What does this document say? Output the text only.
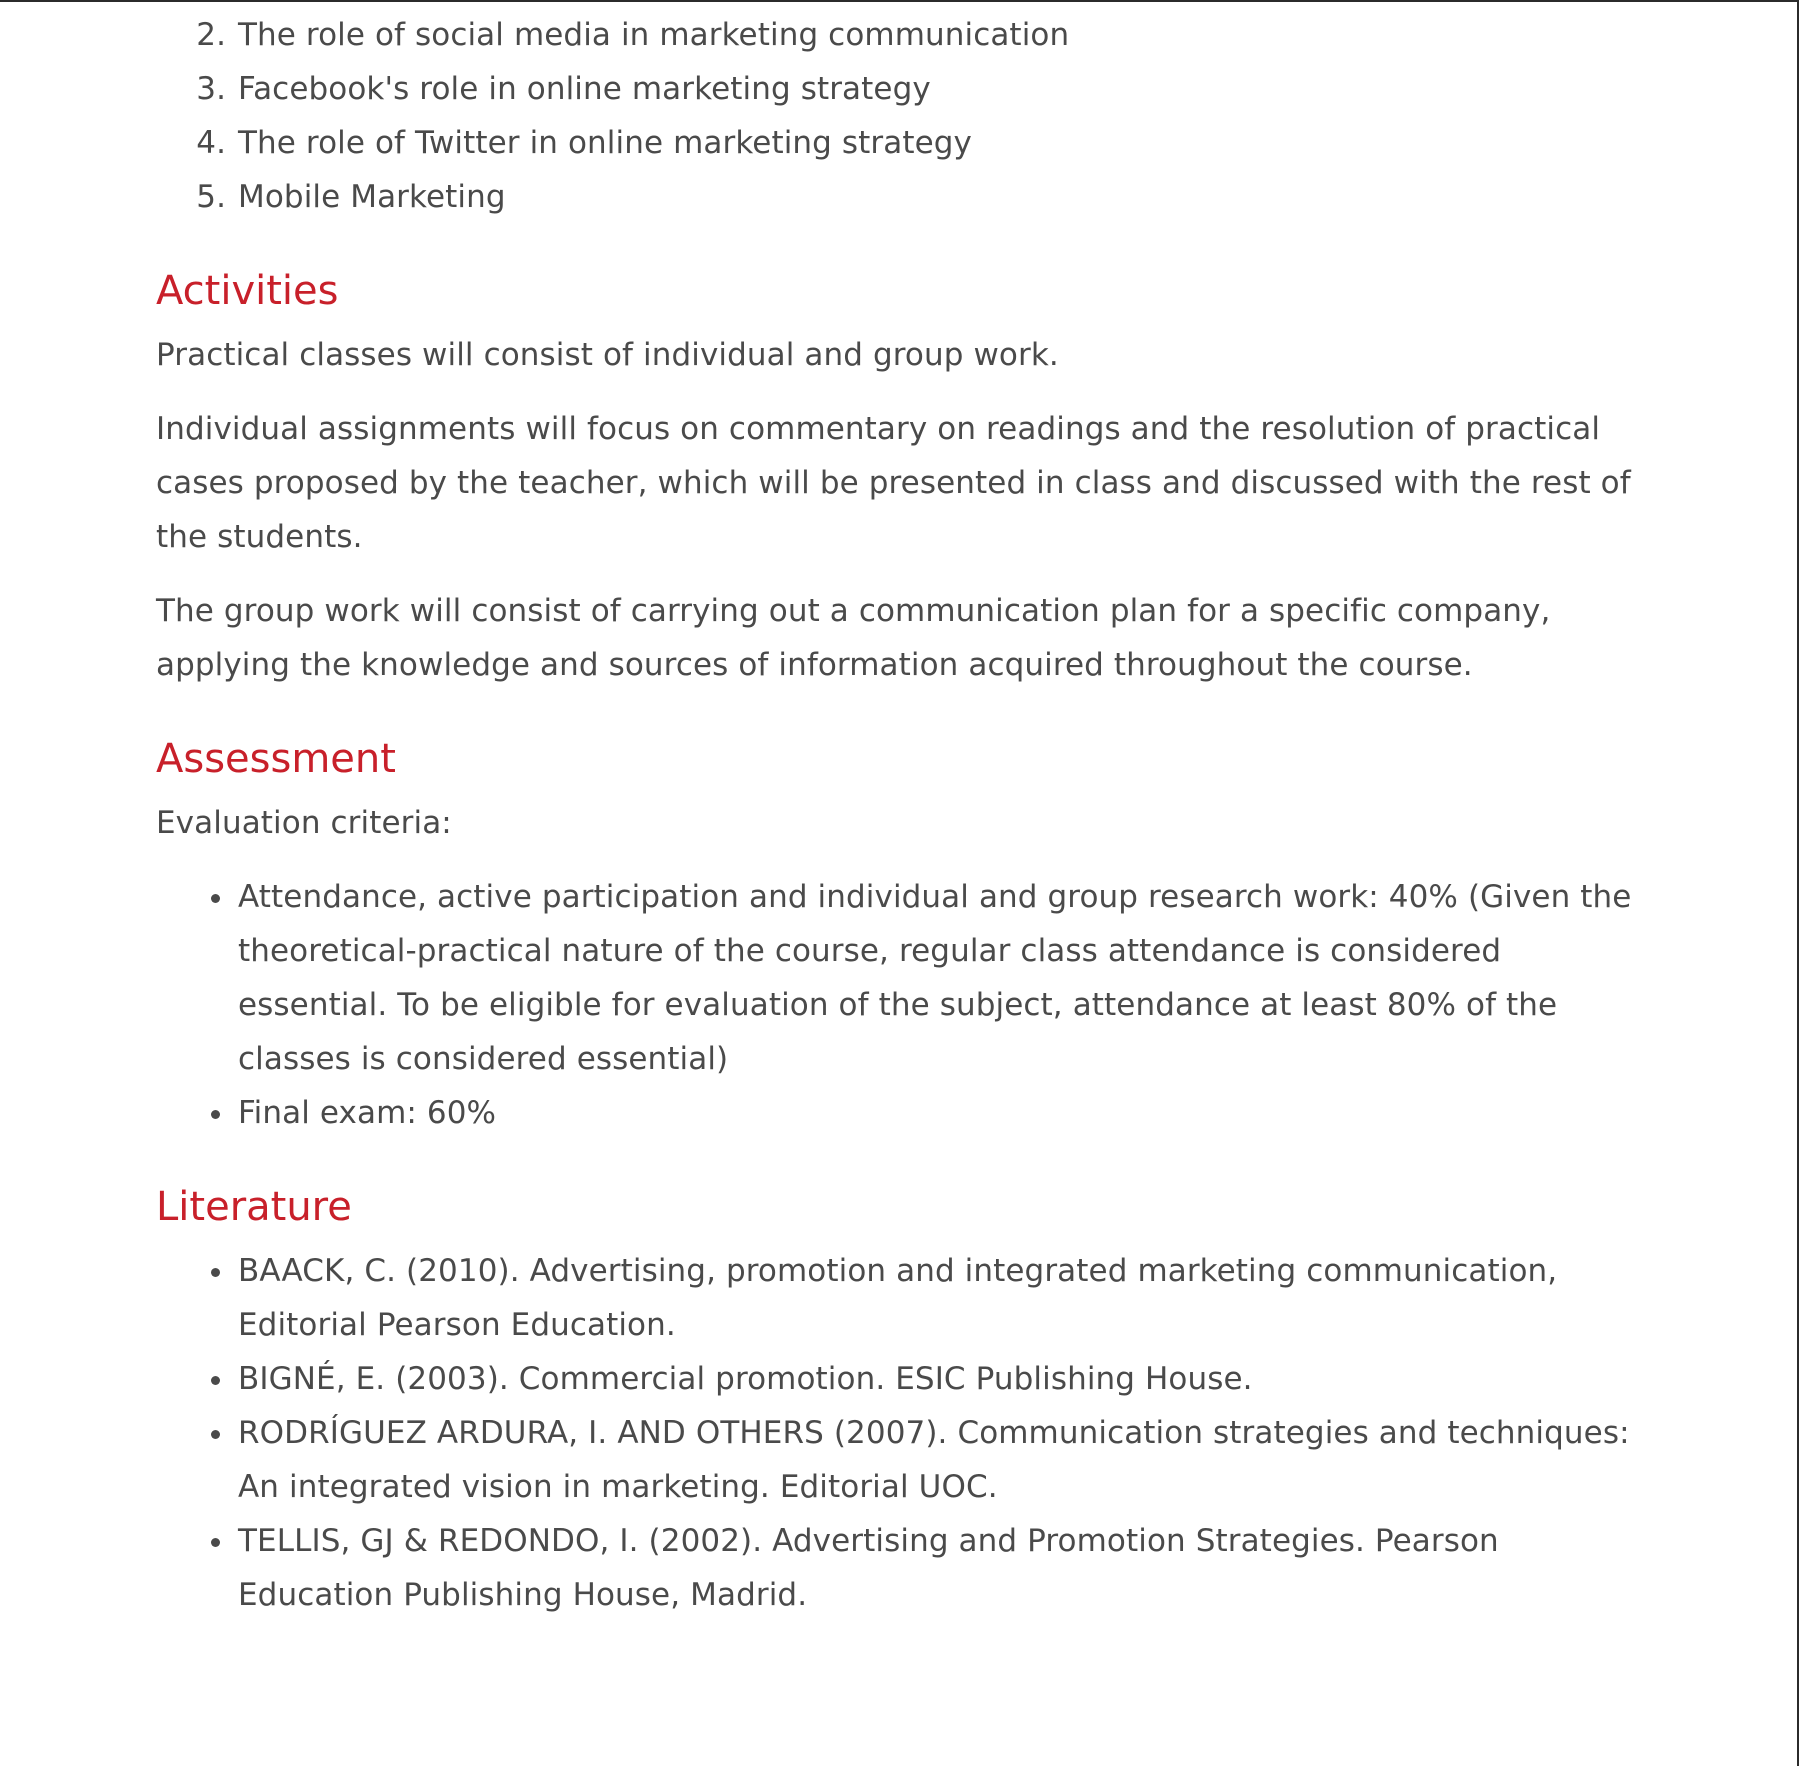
1.
2. The role of social media in marketing communication
3. Facebook's role in online marketing strategy
4. The role of Twitter in online marketing strategy
5. Mobile Marketing
Activities

Practical classes will consist of individual and group work.

Individual assignments will focus on commentary on readings and the resolution of practical cases proposed by the teacher, which will be presented in class and discussed with the rest of the students.

The group work will consist of carrying out a communication plan for a specific company, applying the knowledge and sources of information acquired throughout the course.

Assessment

Evaluation criteria:

• Attendance, active participation and individual and group research work: 40% (Given the theoretical-practical nature of the course, regular class attendance is considered essential. To be eligible for evaluation of the subject, attendance at least 80% of the classes is considered essential)
• Final exam: 60%
Literature
• BAACK, C. (2010). Advertising, promotion and integrated marketing communication, Editorial Pearson Education.
• BIGNÉ, E. (2003). Commercial promotion. ESIC Publishing House.
• RODRÍGUEZ ARDURA, I. AND OTHERS (2007). Communication strategies and techniques: An integrated vision in marketing. Editorial UOC.
• TELLIS, GJ & REDONDO, I. (2002). Advertising and Promotion Strategies. Pearson Education Publishing House, Madrid.
